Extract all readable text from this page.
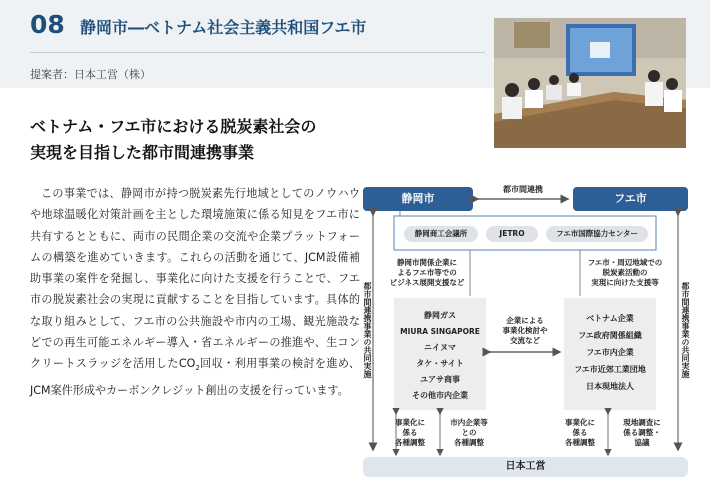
08 静岡市―ベトナム社会主義共和国フエ市
提案者：日本工営（株）
ベトナム・フエ市における脱炭素社会の
実現を目指した都市間連携事業
この事業では、静岡市が持つ脱炭素先行地域としてのノウハウや地球温暖化対策計画を主とした環境施策に係る知見をフエ市に共有するとともに、両市の民間企業の交流や企業プラットフォームの構築を進めていきます。これらの活動を通じて、JCM設備補助事業の案件を発掘し、事業化に向けた支援を行うことで、フエ市の脱炭素社会の実現に貢献することを目指しています。具体的な取り組みとして、フエ市の公共施設や市内の工場、観光施設などでの再生可能エネルギー導入・省エネルギーの推進や、生コンクリートスラッジを活用した$CO_2$回収・利用事業の検討を進め、JCM案件形成やカーボンクレジット創出の支援を行っています。
静岡市	フエ市
都市間連携
静岡商工会議所	JETRO	フエ市国際協力センター
静岡市関係企業に
よるフエ市等での
ビジネス展開支援など
フエ市・周辺地域での
脱炭素活動の
実現に向けた支援等
静岡ガス
MIURA SINGAPORE
ニイヌマ
タケ・サイト
ユアサ商事
その他市内企業
ベトナム企業
フエ政府関係組織
フエ市内企業
フエ市近郊工業団地
日本現地法人
企業による
事業化検討や
交流など
都市間連携事業の共同実施	都市間連携事業の共同実施
事業化に
係る
各種調整
市内企業等
との
各種調整
事業化に
係る
各種調整
現地調査に
係る調整・
協議
日本工営
